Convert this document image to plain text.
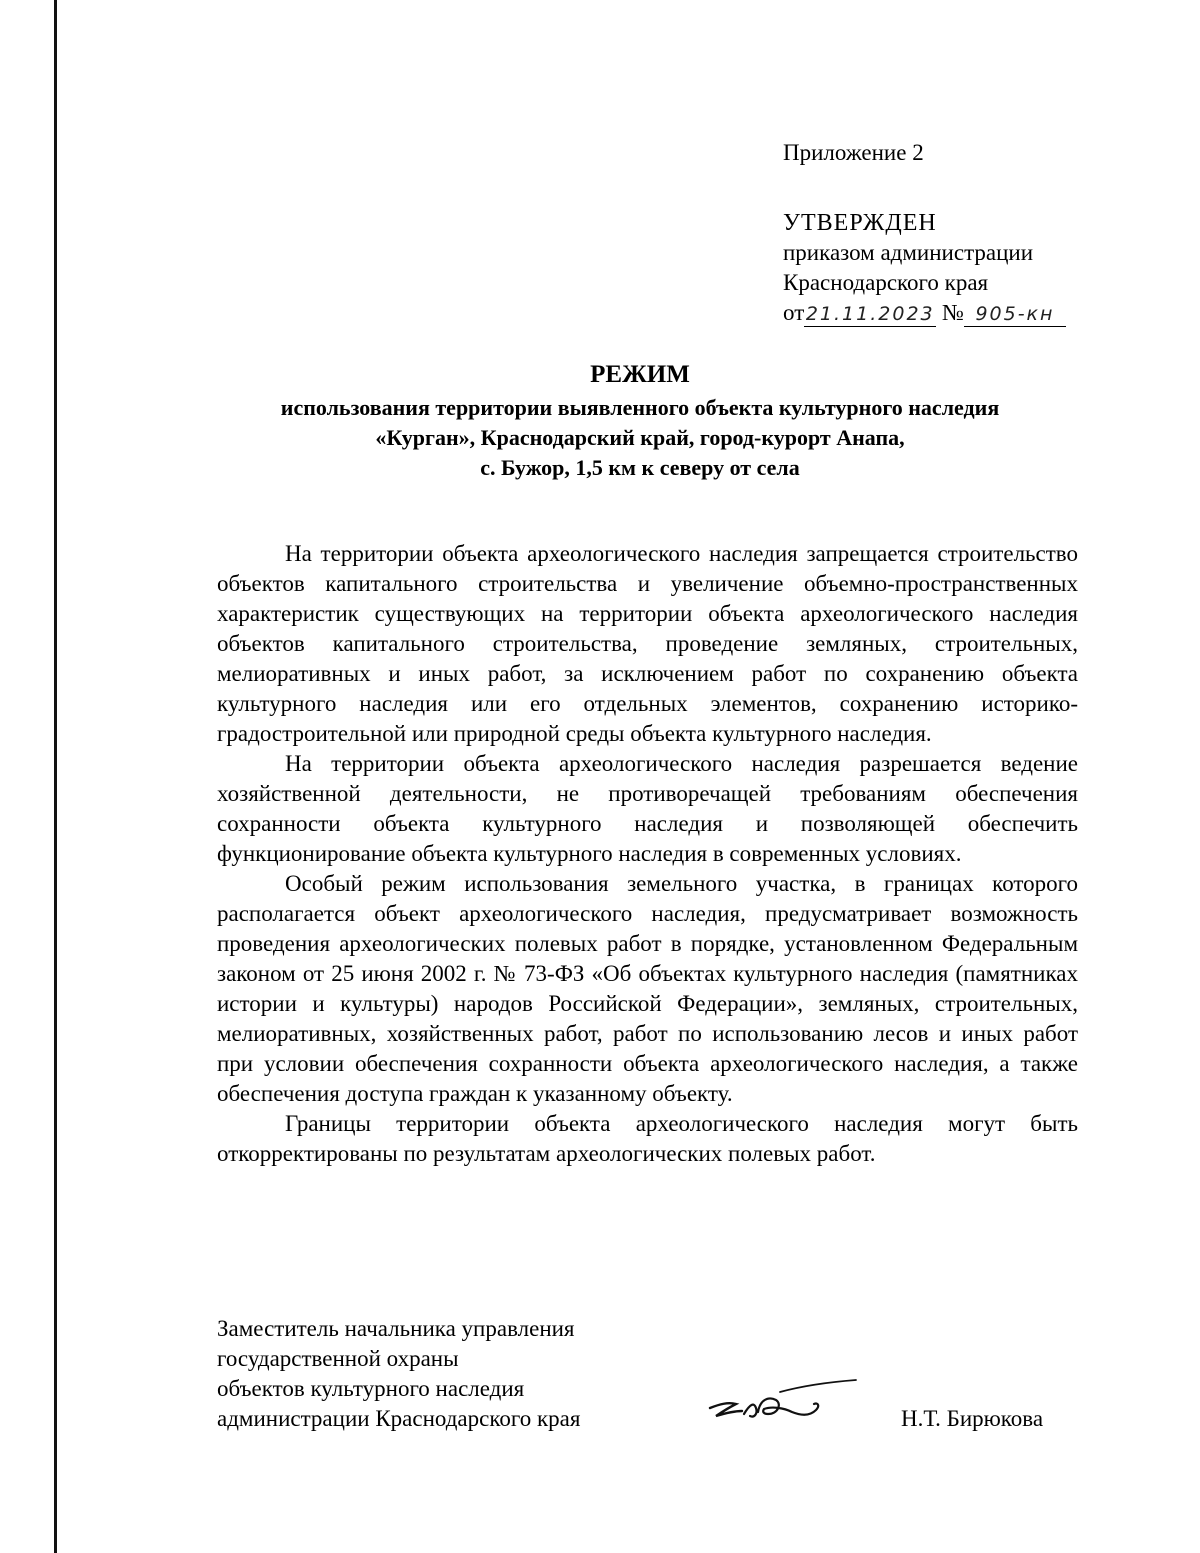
Приложение 2
УТВЕРЖДЕН
приказом администрации
Краснодарского края
от21.11.2023 № 905-кн
РЕЖИМ
использования территории выявленного объекта культурного наследия
«Курган», Краснодарский край, город-курорт Анапа,
с. Бужор, 1,5 км к северу от села

На территории объекта археологического наследия запрещается строительство объектов капитального строительства и увеличение объемно-пространственных характеристик существующих на территории объекта археологического наследия объектов капитального строительства, проведение земляных, строительных, мелиоративных и иных работ, за исключением работ по сохранению объекта культурного наследия или его отдельных элементов, сохранению историко-градостроительной или природной среды объекта культурного наследия.

На территории объекта археологического наследия разрешается ведение хозяйственной деятельности, не противоречащей требованиям обеспечения сохранности объекта культурного наследия и позволяющей обеспечить функционирование объекта культурного наследия в современных условиях.

Особый режим использования земельного участка, в границах которого располагается объект археологического наследия, предусматривает возможность проведения археологических полевых работ в порядке, установленном Федеральным законом от 25 июня 2002 г. № 73-ФЗ «Об объектах культурного наследия (памятниках истории и культуры) народов Российской Федерации», земляных, строительных, мелиоративных, хозяйственных работ, работ по использованию лесов и иных работ при условии обеспечения сохранности объекта археологического наследия, а также обеспечения доступа граждан к указанному объекту.

Границы территории объекта археологического наследия могут быть откорректированы по результатам археологических полевых работ.

Заместитель начальника управления
государственной охраны
объектов культурного наследия
администрации Краснодарского края	Н.Т. Бирюкова
